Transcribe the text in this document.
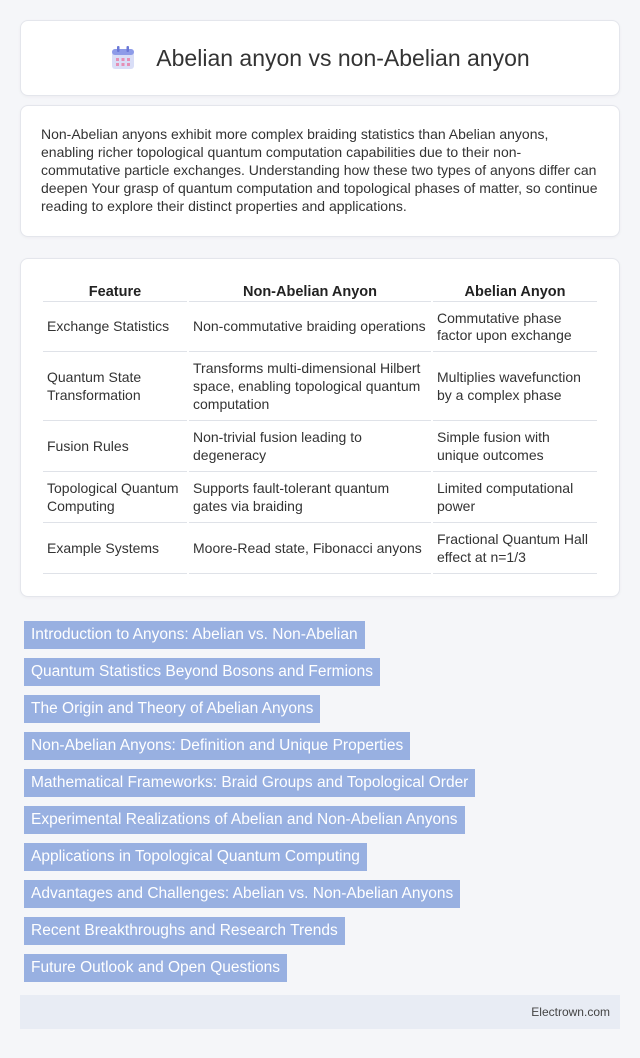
Abelian anyon vs non-Abelian anyon

Non-Abelian anyons exhibit more complex braiding statistics than Abelian anyons, enabling richer topological quantum computation capabilities due to their non-commutative particle exchanges. Understanding how these two types of anyons differ can deepen Your grasp of quantum computation and topological phases of matter, so continue reading to explore their distinct properties and applications.

Feature	Non-Abelian Anyon	Abelian Anyon
Exchange Statistics	Non-commutative braiding operations	Commutative phase factor upon exchange
Quantum State Transformation	Transforms multi-dimensional Hilbert space, enabling topological quantum computation	Multiplies wavefunction by a complex phase
Fusion Rules	Non-trivial fusion leading to degeneracy	Simple fusion with unique outcomes
Topological Quantum Computing	Supports fault-tolerant quantum gates via braiding	Limited computational power
Example Systems	Moore-Read state, Fibonacci anyons	Fractional Quantum Hall effect at n=1/3
Introduction to Anyons: Abelian vs. Non-Abelian
Quantum Statistics Beyond Bosons and Fermions
The Origin and Theory of Abelian Anyons
Non-Abelian Anyons: Definition and Unique Properties
Mathematical Frameworks: Braid Groups and Topological Order
Experimental Realizations of Abelian and Non-Abelian Anyons
Applications in Topological Quantum Computing
Advantages and Challenges: Abelian vs. Non-Abelian Anyons
Recent Breakthroughs and Research Trends
Future Outlook and Open Questions
Electrown.com
